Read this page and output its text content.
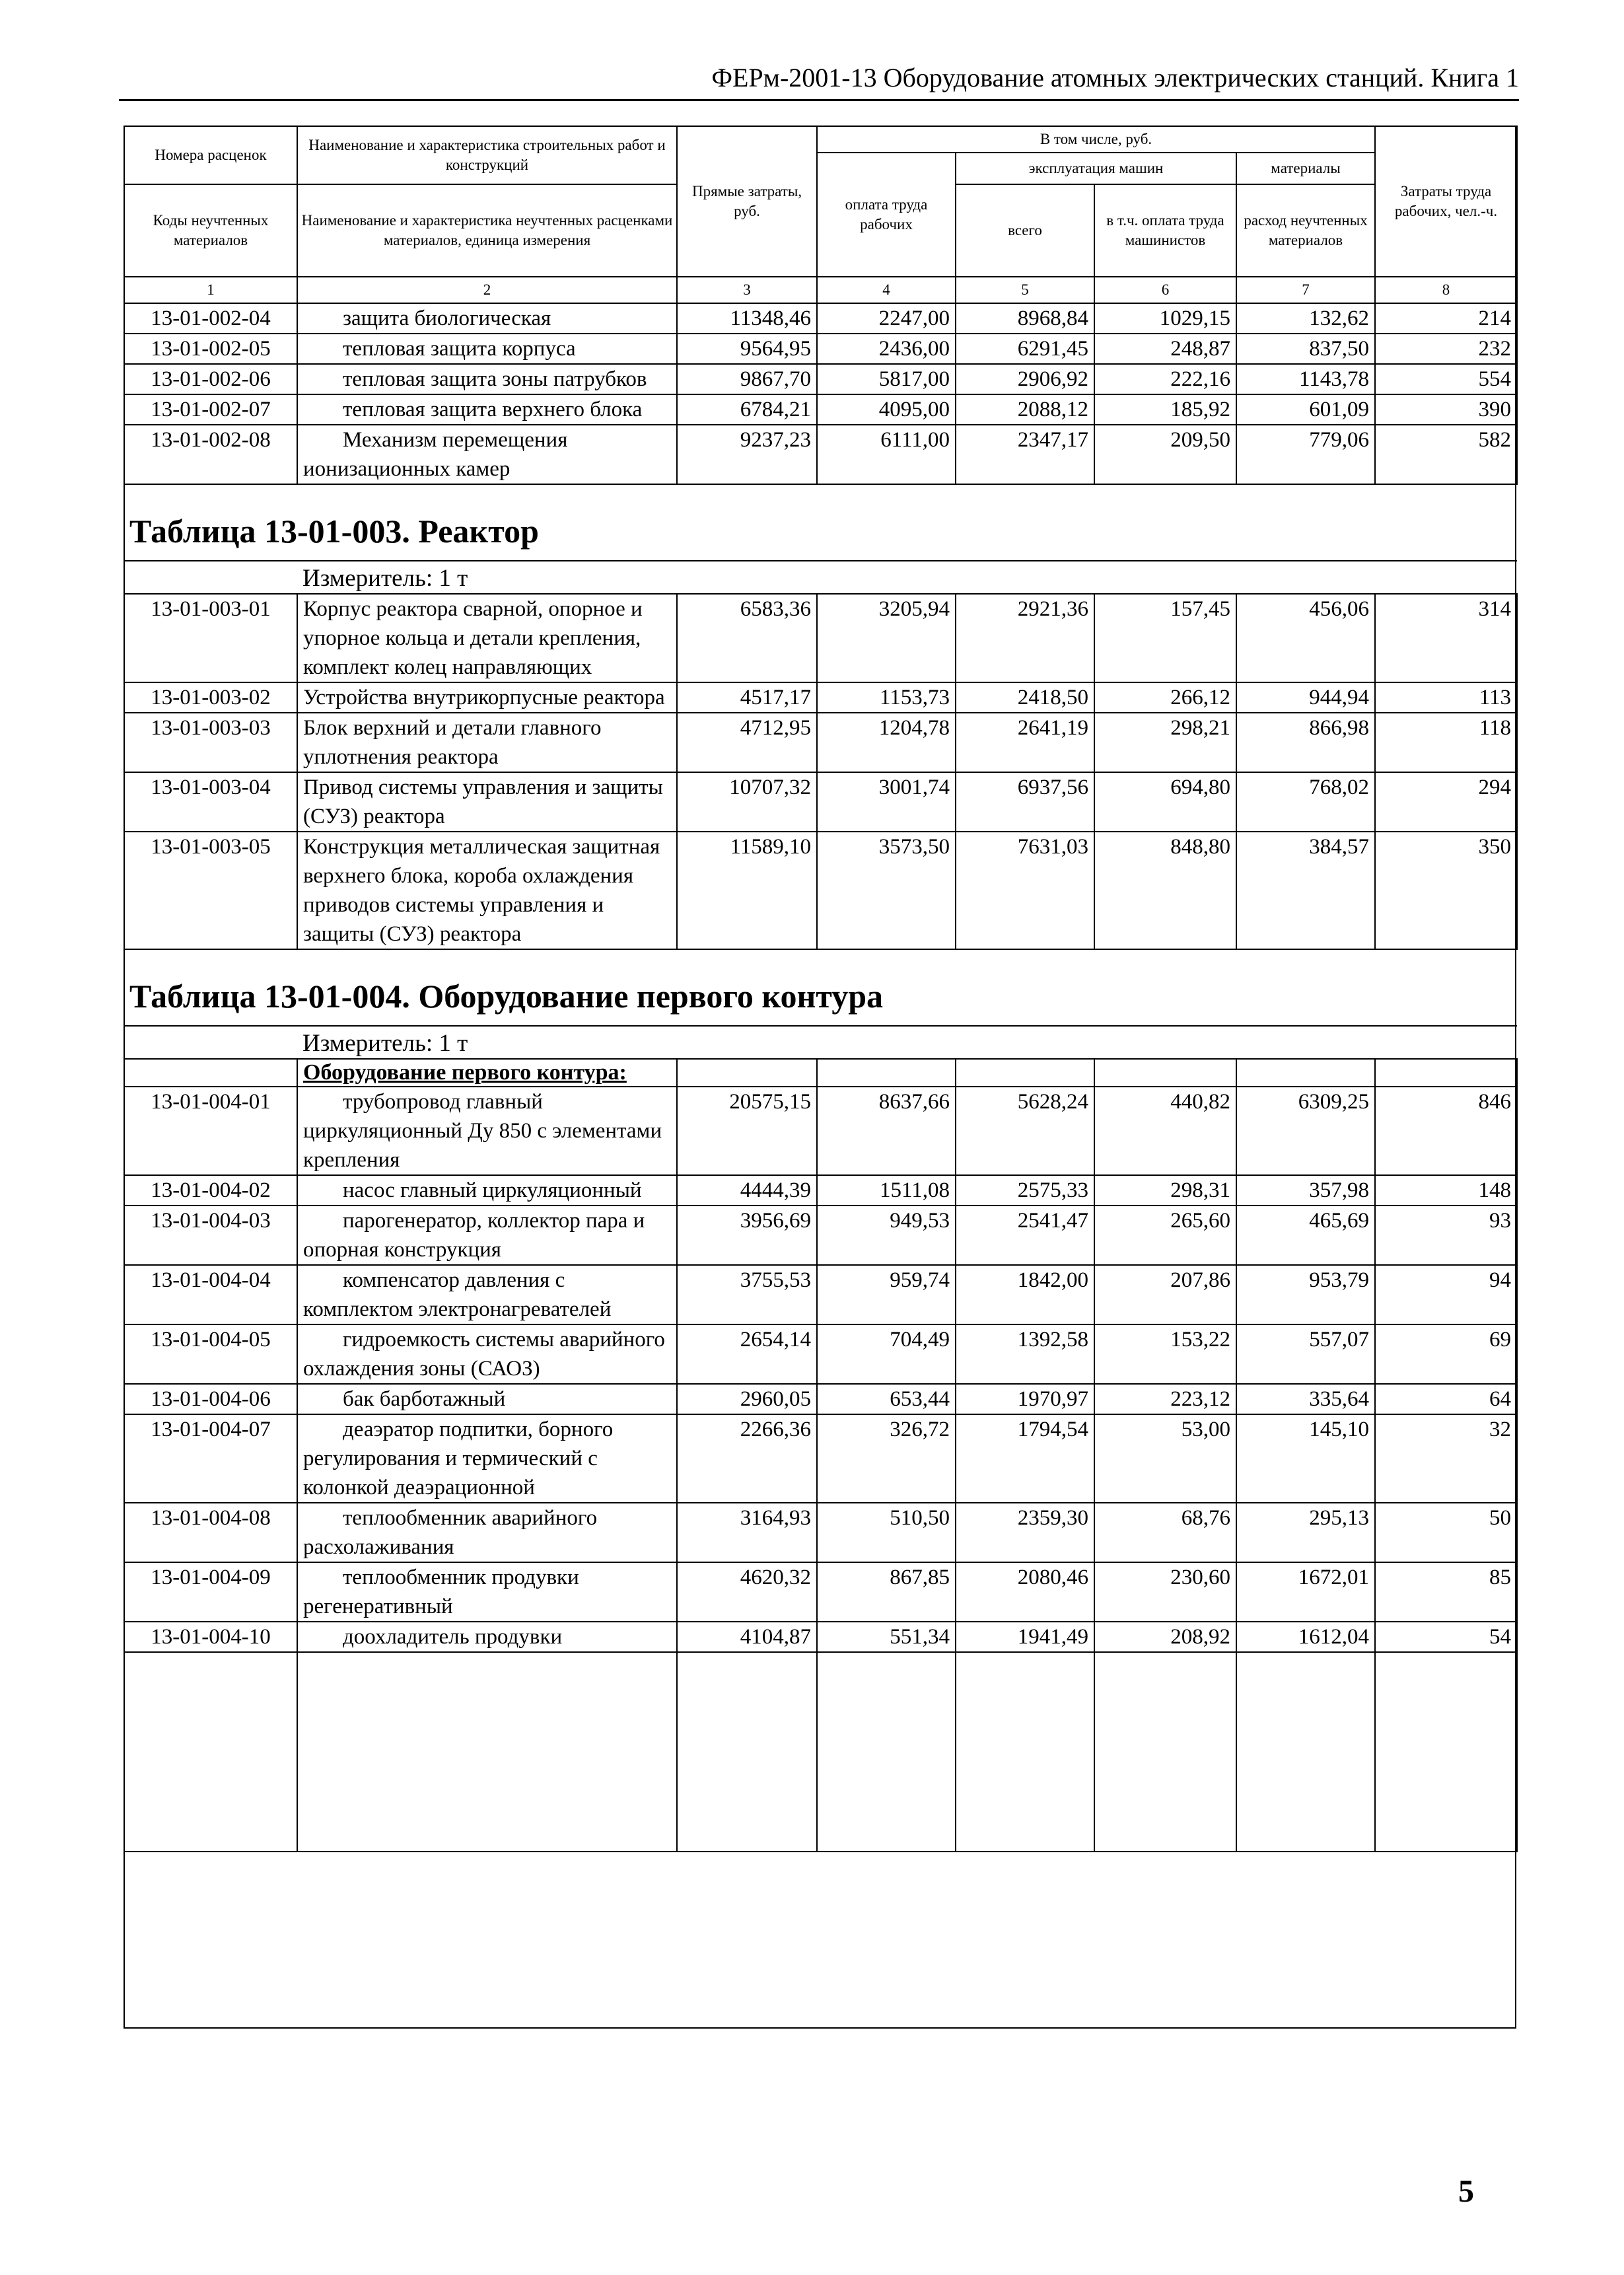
ФЕРм-2001-13 Оборудование атомных электрических станций. Книга 1
Номера расценок	Наименование и характеристика строительных работ и конструкций	Прямые затраты, руб.	В том числе, руб.				Затраты труда рабочих, чел.-ч.
			оплата труда рабочих	эксплуатация машин		материалы	
Коды неучтенных материалов	Наименование и характеристика неучтенных расценками материалов, единица измерения			всего	в т.ч. оплата труда машинистов	расход неучтенных материалов	

1	2	3	4	5	6	7	8
13-01-002-04	защита биологическая	11348,46	2247,00	8968,84	1029,15	132,62	214
13-01-002-05	тепловая защита корпуса	9564,95	2436,00	6291,45	248,87	837,50	232
13-01-002-06	тепловая защита зоны патрубков	9867,70	5817,00	2906,92	222,16	1143,78	554
13-01-002-07	тепловая защита верхнего блока	6784,21	4095,00	2088,12	185,92	601,09	390
13-01-002-08	Механизм перемещения ионизационных камер	9237,23	6111,00	2347,17	209,50	779,06	582
Таблица 13-01-003. Реактор							
Измеритель: 1 т							
13-01-003-01	Корпус реактора сварной, опорное и упорное кольца и детали крепления, комплект колец направляющих	6583,36	3205,94	2921,36	157,45	456,06	314
13-01-003-02	Устройства внутрикорпусные реактора	4517,17	1153,73	2418,50	266,12	944,94	113
13-01-003-03	Блок верхний и детали главного уплотнения реактора	4712,95	1204,78	2641,19	298,21	866,98	118
13-01-003-04	Привод системы управления и защиты (СУЗ) реактора	10707,32	3001,74	6937,56	694,80	768,02	294
13-01-003-05	Конструкция металлическая защитная верхнего блока, короба охлаждения приводов системы управления и защиты (СУЗ) реактора	11589,10	3573,50	7631,03	848,80	384,57	350
Таблица 13-01-004. Оборудование первого контура							
Измеритель: 1 т							
	Оборудование первого контура:						
13-01-004-01	трубопровод главный циркуляционный Ду 850 с элементами крепления	20575,15	8637,66	5628,24	440,82	6309,25	846
13-01-004-02	насос главный циркуляционный	4444,39	1511,08	2575,33	298,31	357,98	148
13-01-004-03	парогенератор, коллектор пара и опорная конструкция	3956,69	949,53	2541,47	265,60	465,69	93
13-01-004-04	компенсатор давления с комплектом электронагревателей	3755,53	959,74	1842,00	207,86	953,79	94
13-01-004-05	гидроемкость системы аварийного охлаждения зоны (САОЗ)	2654,14	704,49	1392,58	153,22	557,07	69
13-01-004-06	бак барботажный	2960,05	653,44	1970,97	223,12	335,64	64
13-01-004-07	деаэратор подпитки, борного регулирования и термический с колонкой деаэрационной	2266,36	326,72	1794,54	53,00	145,10	32
13-01-004-08	теплообменник аварийного расхолаживания	3164,93	510,50	2359,30	68,76	295,13	50
13-01-004-09	теплообменник продувки регенеративный	4620,32	867,85	2080,46	230,60	1672,01	85
13-01-004-10	доохладитель продувки	4104,87	551,34	1941,49	208,92	1612,04	54

5
